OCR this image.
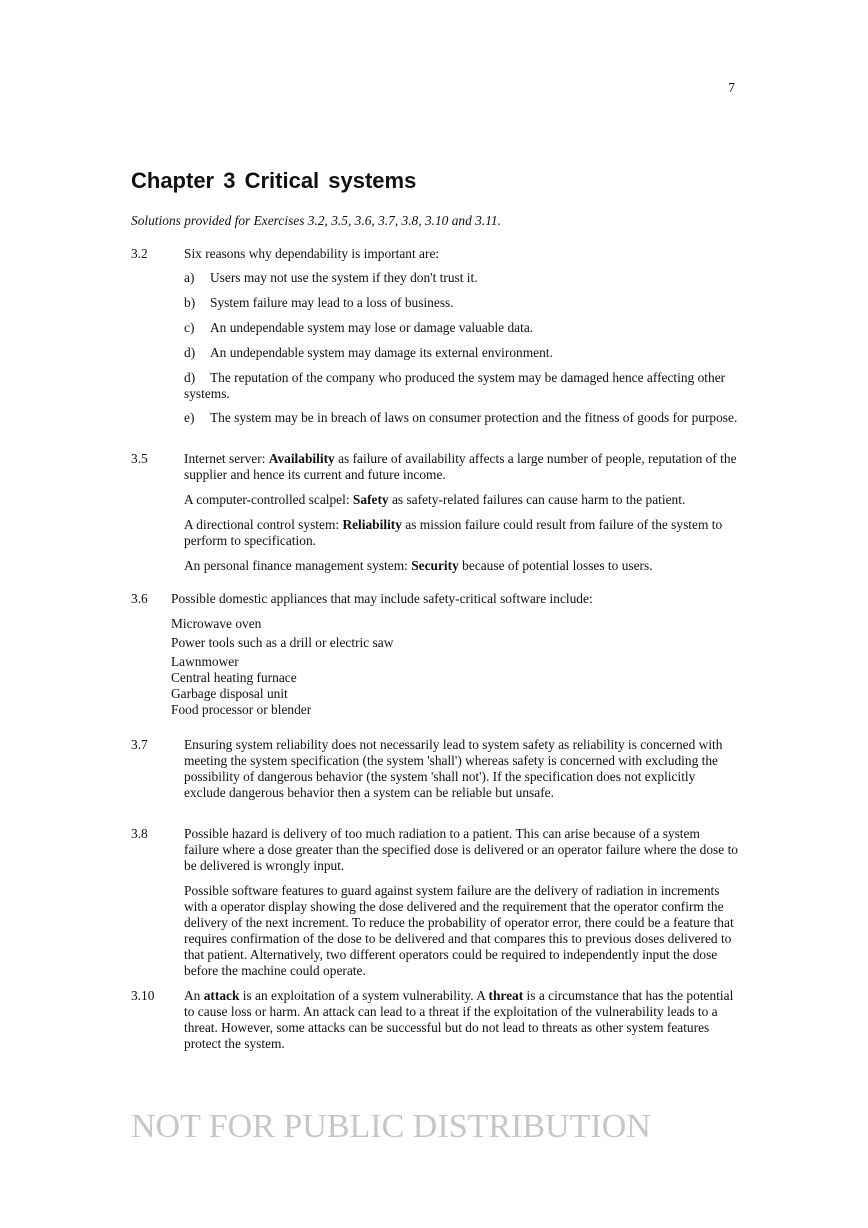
7
Chapter 3 Critical systems
Solutions provided for Exercises 3.2, 3.5, 3.6, 3.7, 3.8, 3.10 and 3.11.
3.2	Six reasons why dependability is important are:
a) Users may not use the system if they don't trust it.
b) System failure may lead to a loss of business.
c) An undependable system may lose or damage valuable data.
d) An undependable system may damage its external environment.
d) The reputation of the company who produced the system may be damaged hence affecting other systems.
e) The system may be in breach of laws on consumer protection and the fitness of goods for purpose.
3.5	Internet server: Availability as failure of availability affects a large number of people, reputation of the supplier and hence its current and future income.
A computer-controlled scalpel: Safety as safety-related failures can cause harm to the patient.
A directional control system: Reliability as mission failure could result from failure of the system to perform to specification.
An personal finance management system: Security because of potential losses to users.
3.6 Possible domestic appliances that may include safety-critical software include:
Microwave oven
Power tools such as a drill or electric saw
Lawnmower
Central heating furnace
Garbage disposal unit
Food processor or blender
3.7	Ensuring system reliability does not necessarily lead to system safety as reliability is concerned with meeting the system specification (the system 'shall') whereas safety is concerned with excluding the possibility of dangerous behavior (the system 'shall not'). If the specification does not explicitly exclude dangerous behavior then a system can be reliable but unsafe.
3.8	Possible hazard is delivery of too much radiation to a patient. This can arise because of a system failure where a dose greater than the specified dose is delivered or an operator failure where the dose to be delivered is wrongly input.
Possible software features to guard against system failure are the delivery of radiation in increments with a operator display showing the dose delivered and the requirement that the operator confirm the delivery of the next increment. To reduce the probability of operator error, there could be a feature that requires confirmation of the dose to be delivered and that compares this to previous doses delivered to that patient. Alternatively, two different operators could be required to independently input the dose before the machine could operate.
3.10 An attack is an exploitation of a system vulnerability. A threat is a circumstance that has the potential to cause loss or harm. An attack can lead to a threat if the exploitation of the vulnerability leads to a threat. However, some attacks can be successful but do not lead to threats as other system features protect the system.
NOT FOR PUBLIC DISTRIBUTION
